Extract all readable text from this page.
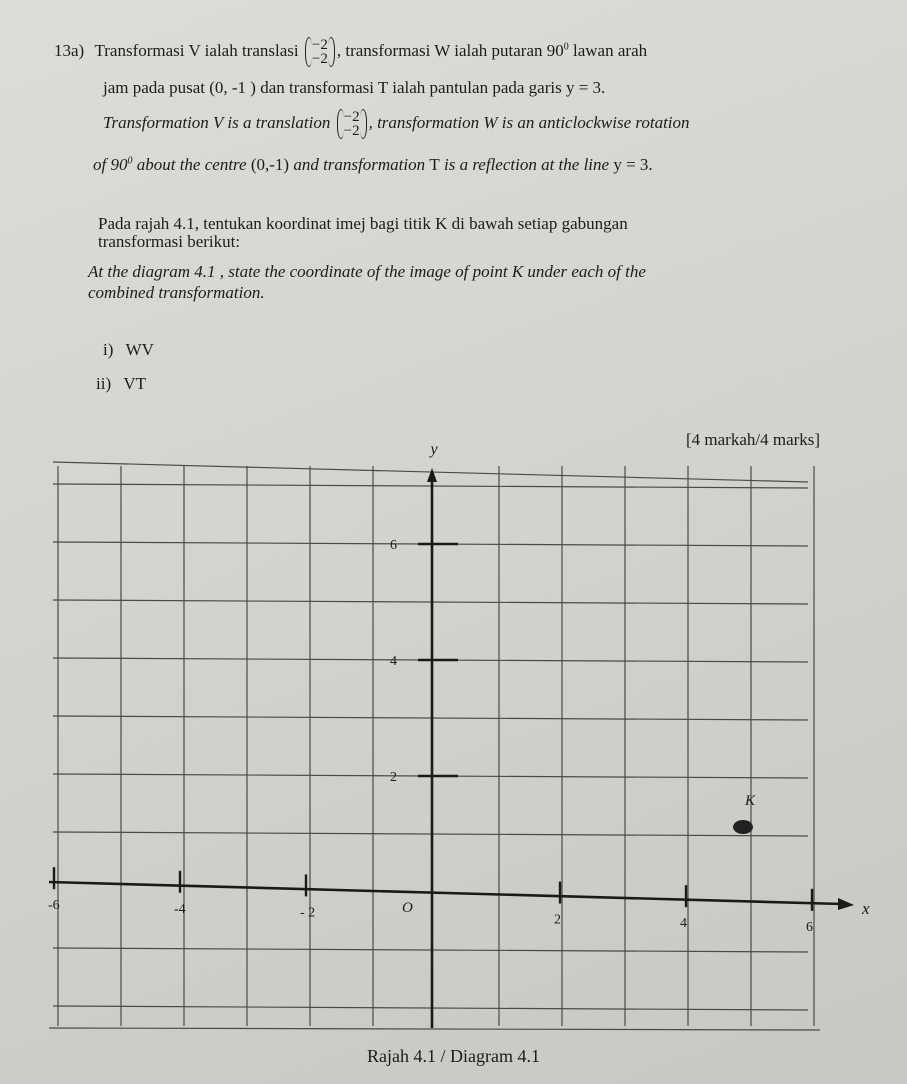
13a) Transformasi V ialah translasi −2
−2 , transformasi W ialah putaran $90^0$ lawan arah
jam pada pusat (0, -1 ) dan transformasi T ialah pantulan pada garis y = 3.
Transformation V is a translation −2
−2 , transformation W is an anticlockwise rotation
of $90^0$ about the centre (0,-1) and transformation T is a reflection at the line y = 3.
Pada rajah 4.1, tentukan koordinat imej bagi titik K di bawah setiap gabungan
transformasi berikut:
At the diagram 4.1 , state the coordinate of the image of point K under each of the
combined transformation.
i) WV
ii) VT
[4 markah/4 marks]
-6	-4	- 2	2	4	6
2
4
6
y
x
O
K
Rajah 4.1 / Diagram 4.1
